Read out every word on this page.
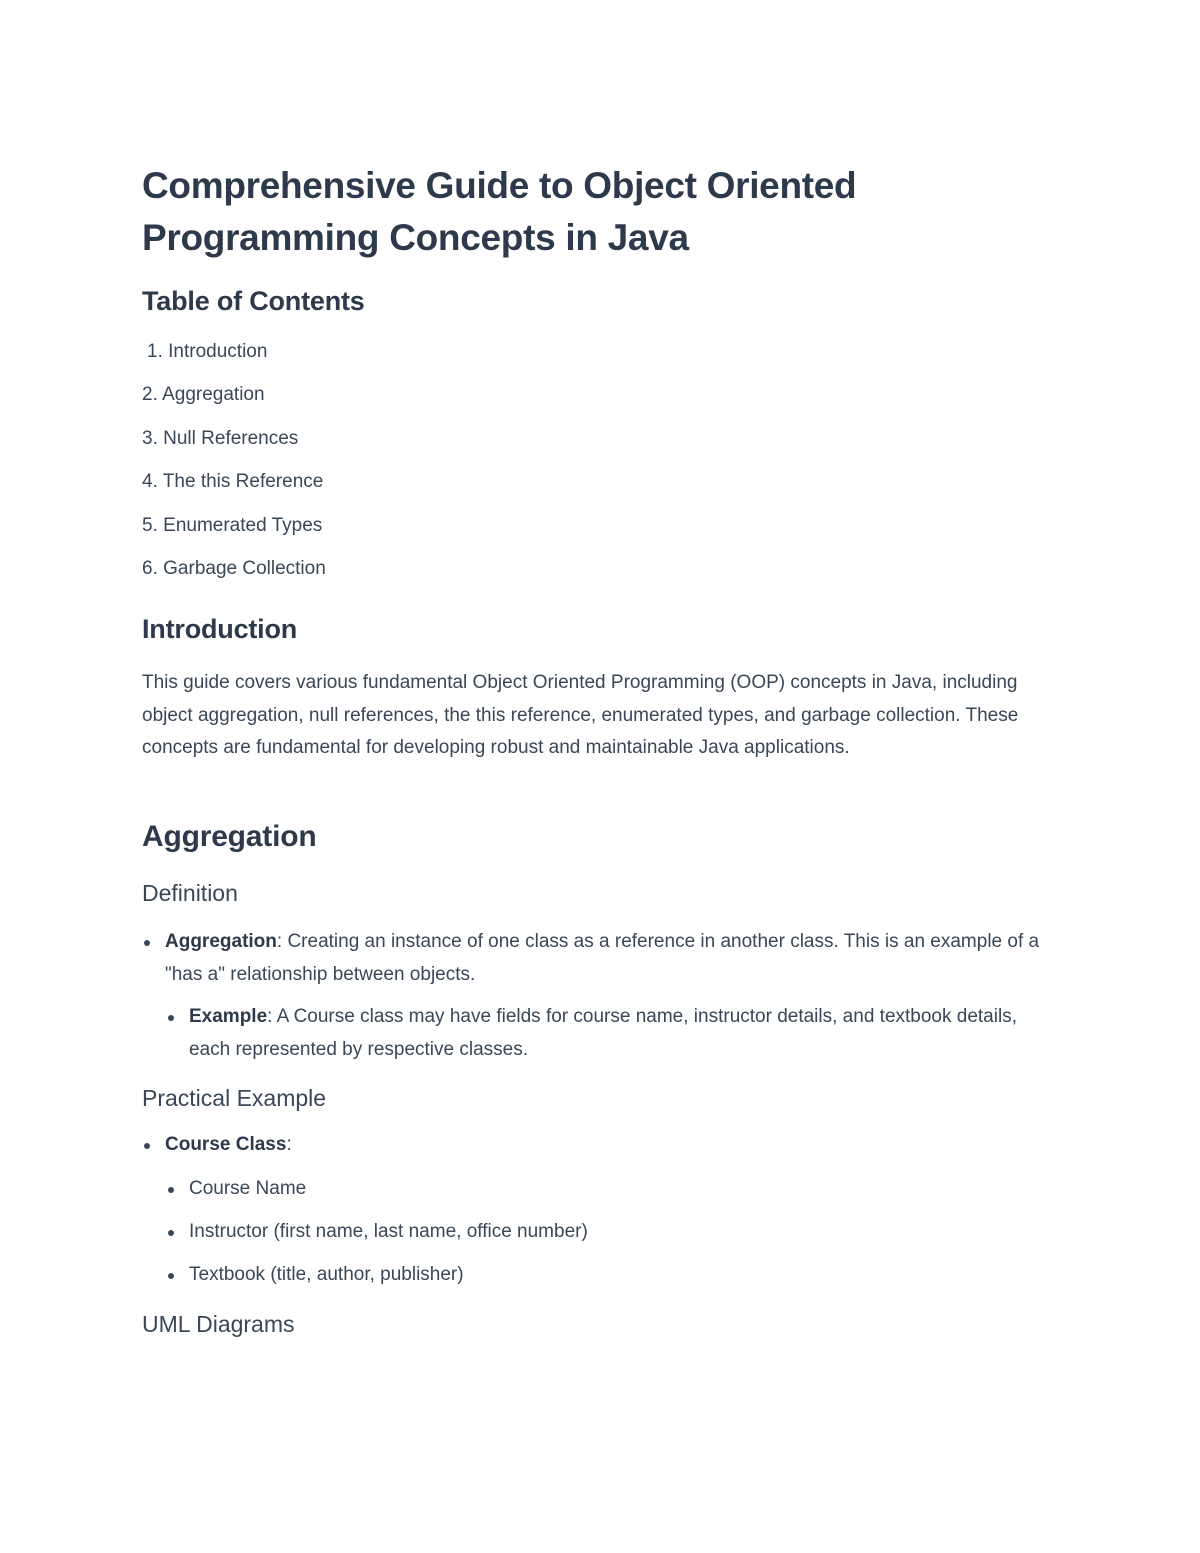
Comprehensive Guide to Object Oriented Programming Concepts in Java
Table of Contents
1. Introduction
2. Aggregation
3. Null References
4. The this Reference
5. Enumerated Types
6. Garbage Collection
Introduction

This guide covers various fundamental Object Oriented Programming (OOP) concepts in Java, including object aggregation, null references, the this reference, enumerated types, and garbage collection. These concepts are fundamental for developing robust and maintainable Java applications.

Aggregation
Definition

Aggregation: Creating an instance of one class as a reference in another class. This is an example of a "has a" relationship between objects.

Example: A Course class may have fields for course name, instructor details, and textbook details, each represented by respective classes.

Practical Example

Course Class:

Course Name

Instructor (first name, last name, office number)

Textbook (title, author, publisher)

UML Diagrams
